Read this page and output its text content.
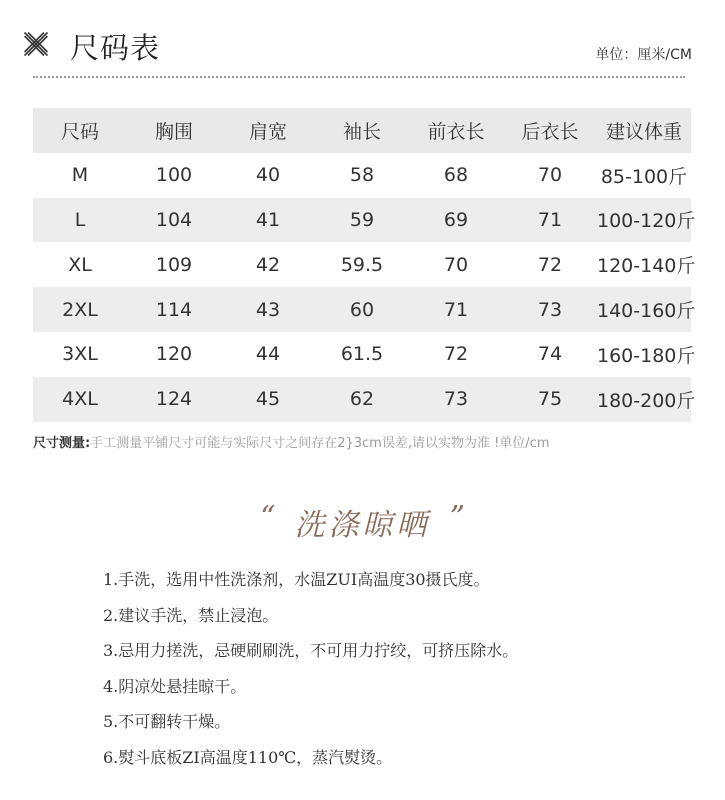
尺码表	单位：厘米/CM
尺码	胸围	肩宽	袖长	前衣长	后衣长	建议体重
M	100	40	58	68	70	85-100斤
L	104	41	59	69	71	100-120斤
XL	109	42	59.5	70	72	120-140斤
2XL	114	43	60	71	73	140-160斤
3XL	120	44	61.5	72	74	160-180斤
4XL	124	45	62	73	75	180-200斤
尺寸测量:手工测量平铺尺寸可能与实际尺寸之间存在2}3cm误差,请以实物为准 !单位/cm
“ 洗涤晾晒 ”
1.手洗，选用中性洗涤剂，水温ZUI高温度30摄氏度。
2.建议手洗，禁止浸泡。
3.忌用力搓洗，忌硬刷刷洗，不可用力拧绞，可挤压除水。
4.阴凉处悬挂晾干。
5.不可翻转干燥。
6.熨斗底板ZI高温度110℃，蒸汽熨烫。
